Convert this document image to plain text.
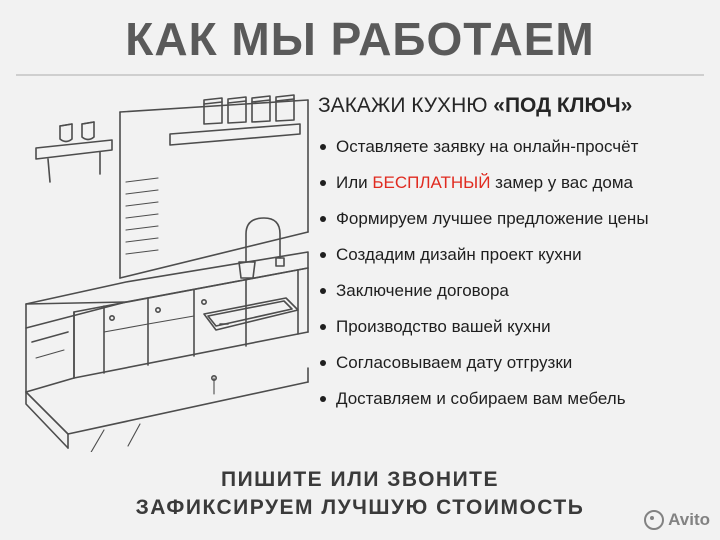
КАК МЫ РАБОТАЕМ
ЗАКАЖИ КУХНЮ «ПОД КЛЮЧ»
Оставляете заявку на онлайн-просчёт
Или БЕСПЛАТНЫЙ замер у вас дома
Формируем лучшее предложение цены
Создадим дизайн проект кухни
Заключение договора
Производство вашей кухни
Согласовываем дату отгрузки
Доставляем и собираем вам мебель
ПИШИТЕ ИЛИ ЗВОНИТЕ
ЗАФИКСИРУЕМ ЛУЧШУЮ СТОИМОСТЬ
Avito
